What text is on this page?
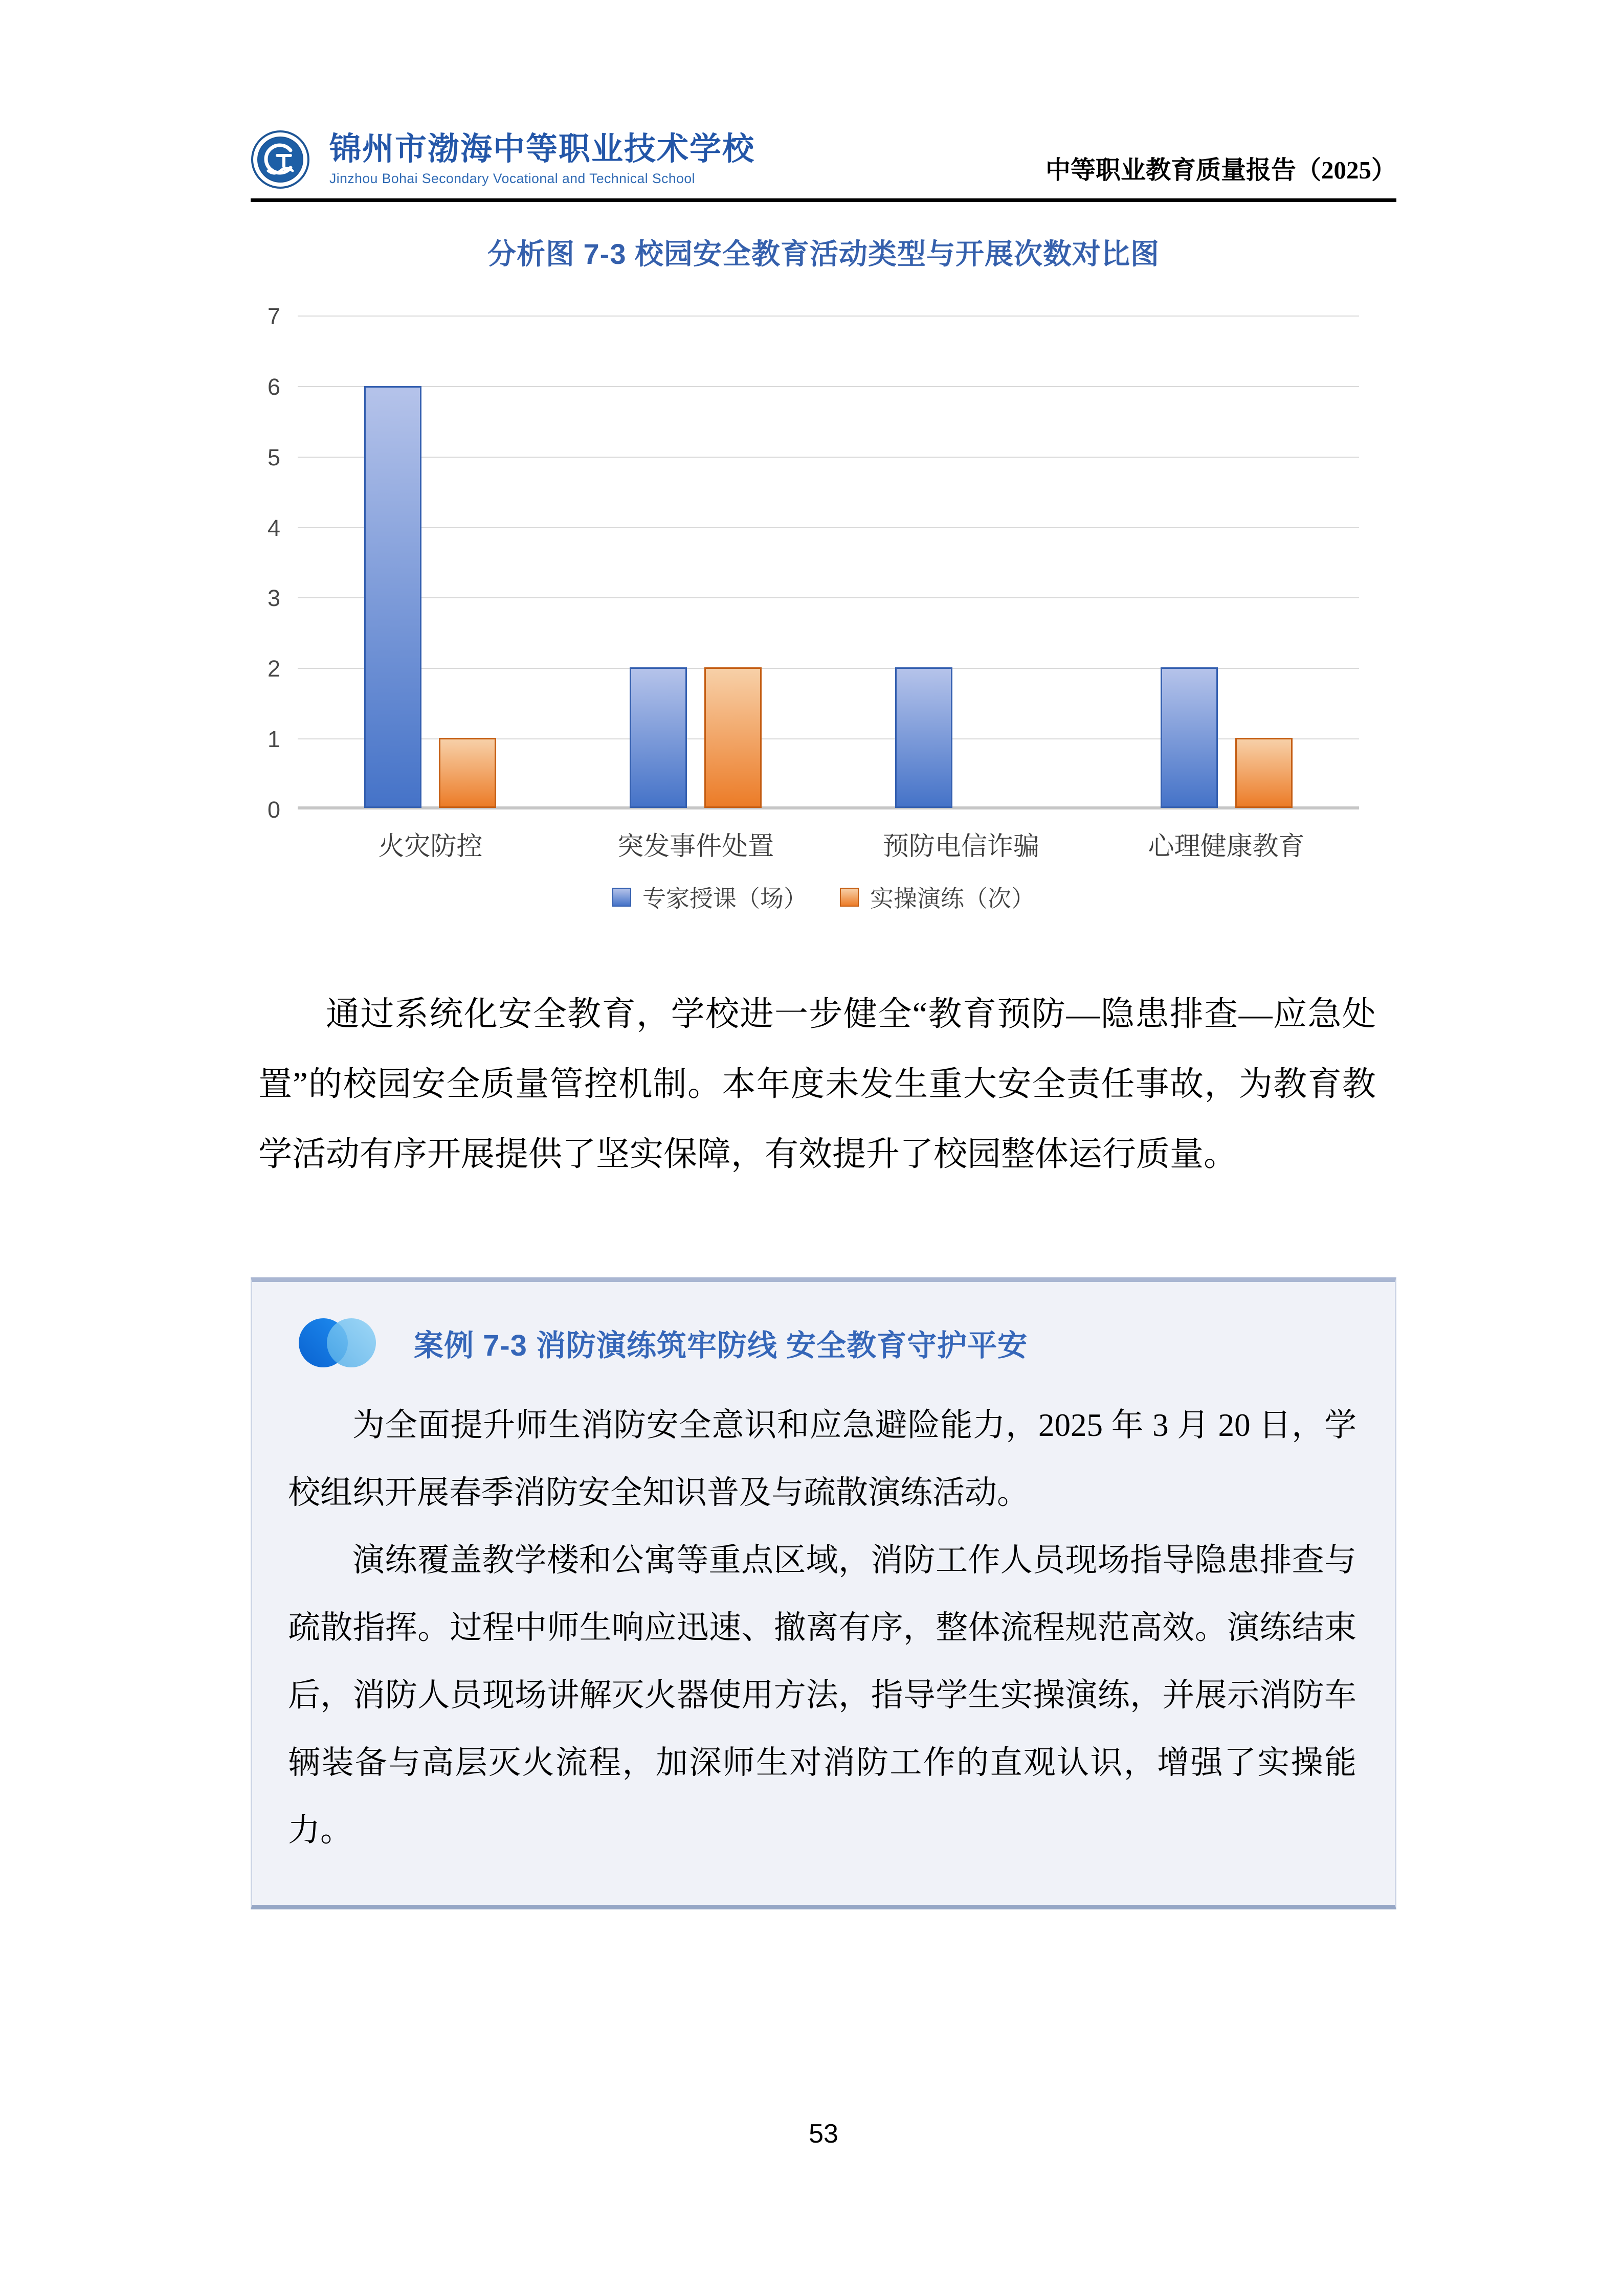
锦州市渤海中等职业技术学校
Jinzhou Bohai Secondary Vocational and Technical School	中等职业教育质量报告（2025）
分析图 7-3 校园安全教育活动类型与开展次数对比图
0
1
2
3
4
5
6
7
火灾防控	突发事件处置	预防电信诈骗	心理健康教育
专家授课（场）	实操演练（次）
通过系统化安全教育，学校进一步健全“教育预防—隐患排查—应急处置”的校园安全质量管控机制。本年度未发生重大安全责任事故，为教育教学活动有序开展提供了坚实保障，有效提升了校园整体运行质量。
案例 7-3 消防演练筑牢防线 安全教育守护平安

为全面提升师生消防安全意识和应急避险能力，2025 年 3 月 20 日，学校组织开展春季消防安全知识普及与疏散演练活动。

演练覆盖教学楼和公寓等重点区域，消防工作人员现场指导隐患排查与疏散指挥。过程中师生响应迅速、撤离有序，整体流程规范高效。演练结束后，消防人员现场讲解灭火器使用方法，指导学生实操演练，并展示消防车辆装备与高层灭火流程，加深师生对消防工作的直观认识，增强了实操能力。

53
